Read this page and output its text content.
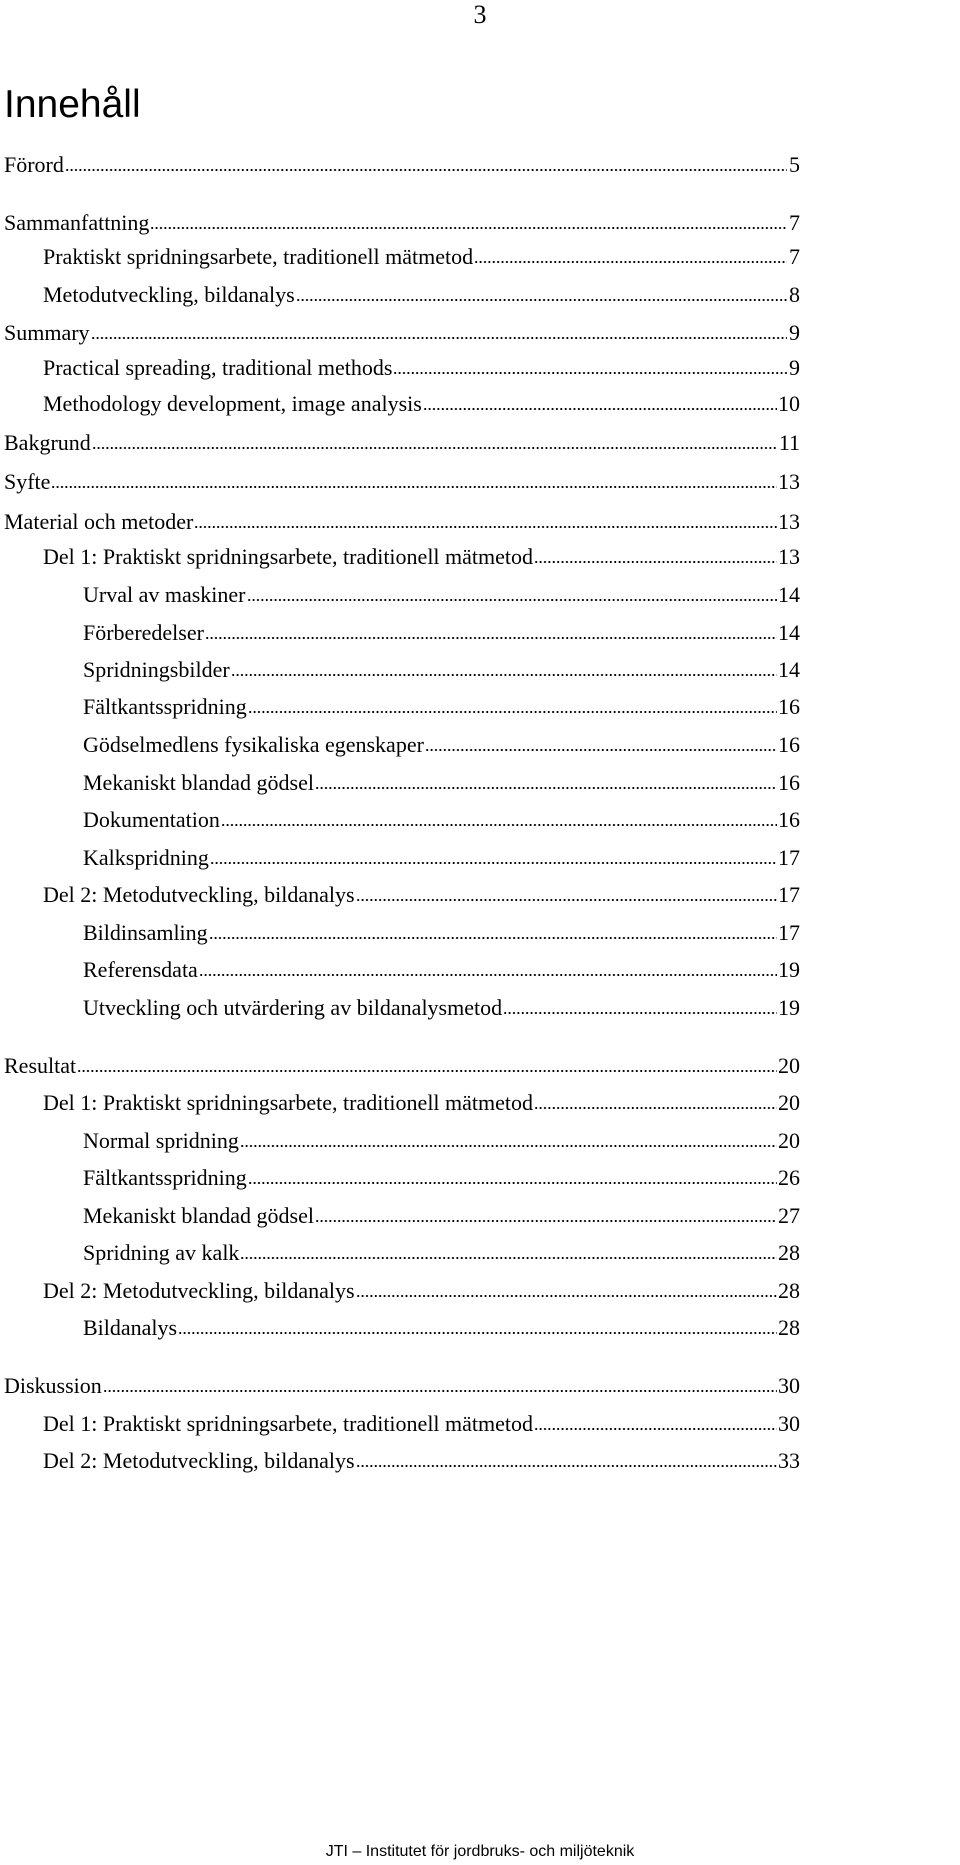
3
Innehåll
Förord	5
Sammanfattning	7
Praktiskt spridningsarbete, traditionell mätmetod	7
Metodutveckling, bildanalys	8
Summary	9
Practical spreading, traditional methods	9
Methodology development, image analysis	10
Bakgrund	11
Syfte	13
Material och metoder	13
Del 1: Praktiskt spridningsarbete, traditionell mätmetod	13
Urval av maskiner	14
Förberedelser	14
Spridningsbilder	14
Fältkantsspridning	16
Gödselmedlens fysikaliska egenskaper	16
Mekaniskt blandad gödsel	16
Dokumentation	16
Kalkspridning	17
Del 2: Metodutveckling, bildanalys	17
Bildinsamling	17
Referensdata	19
Utveckling och utvärdering av bildanalysmetod	19
Resultat	20
Del 1: Praktiskt spridningsarbete, traditionell mätmetod	20
Normal spridning	20
Fältkantsspridning	26
Mekaniskt blandad gödsel	27
Spridning av kalk	28
Del 2: Metodutveckling, bildanalys	28
Bildanalys	28
Diskussion	30
Del 1: Praktiskt spridningsarbete, traditionell mätmetod	30
Del 2: Metodutveckling, bildanalys	33
JTI – Institutet för jordbruks- och miljöteknik
